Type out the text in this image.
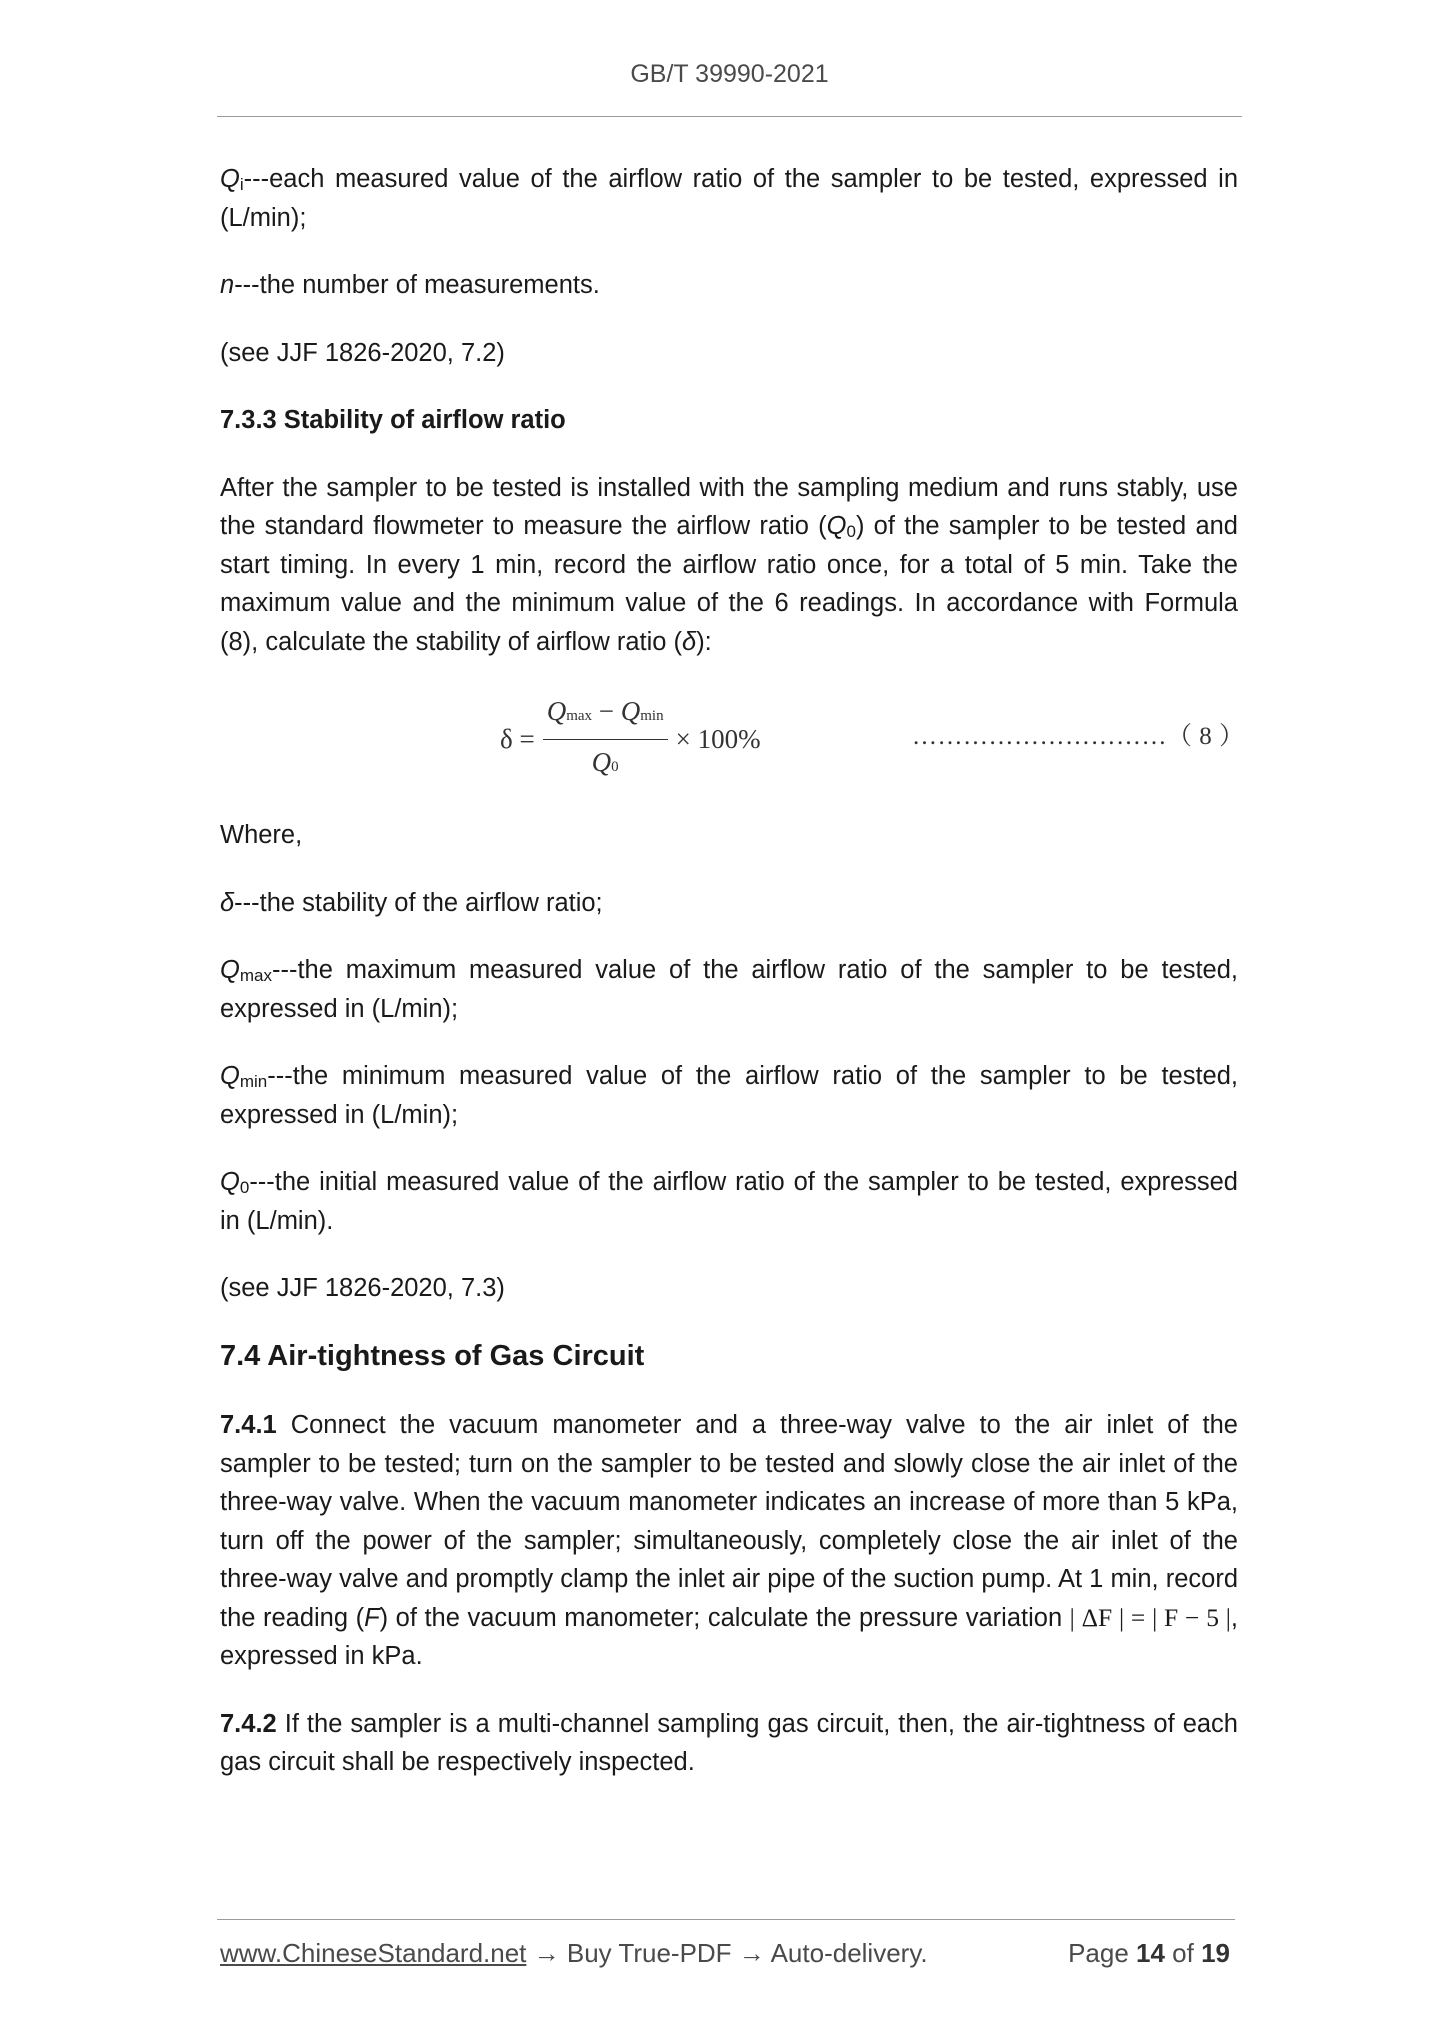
GB/T 39990-2021

Qi---each measured value of the airflow ratio of the sampler to be tested, expressed in (L/min);

n---the number of measurements.

(see JJF 1826-2020, 7.2)

7.3.3 Stability of airflow ratio

After the sampler to be tested is installed with the sampling medium and runs stably, use the standard flowmeter to measure the airflow ratio (Q0) of the sampler to be tested and start timing. In every 1 min, record the airflow ratio once, for a total of 5 min. Take the maximum value and the minimum value of the 6 readings. In accordance with Formula (8), calculate the stability of airflow ratio (δ):

$\delta = \frac{Qmax - Qmin}{Q0} \times 100\%$	…………………………（ 8 ）

Where,

δ---the stability of the airflow ratio;

Qmax---the maximum measured value of the airflow ratio of the sampler to be tested, expressed in (L/min);

Qmin---the minimum measured value of the airflow ratio of the sampler to be tested, expressed in (L/min);

Q0---the initial measured value of the airflow ratio of the sampler to be tested, expressed in (L/min).

(see JJF 1826-2020, 7.3)

7.4 Air-tightness of Gas Circuit

7.4.1 Connect the vacuum manometer and a three-way valve to the air inlet of the sampler to be tested; turn on the sampler to be tested and slowly close the air inlet of the three-way valve. When the vacuum manometer indicates an increase of more than 5 kPa, turn off the power of the sampler; simultaneously, completely close the air inlet of the three-way valve and promptly clamp the inlet air pipe of the suction pump. At 1 min, record the reading (F) of the vacuum manometer; calculate the pressure variation | ΔF | = | F − 5 |, expressed in kPa.

7.4.2 If the sampler is a multi-channel sampling gas circuit, then, the air-tightness of each gas circuit shall be respectively inspected.

www.ChineseStandard.net → Buy True-PDF → Auto-delivery.	Page 14 of 19
